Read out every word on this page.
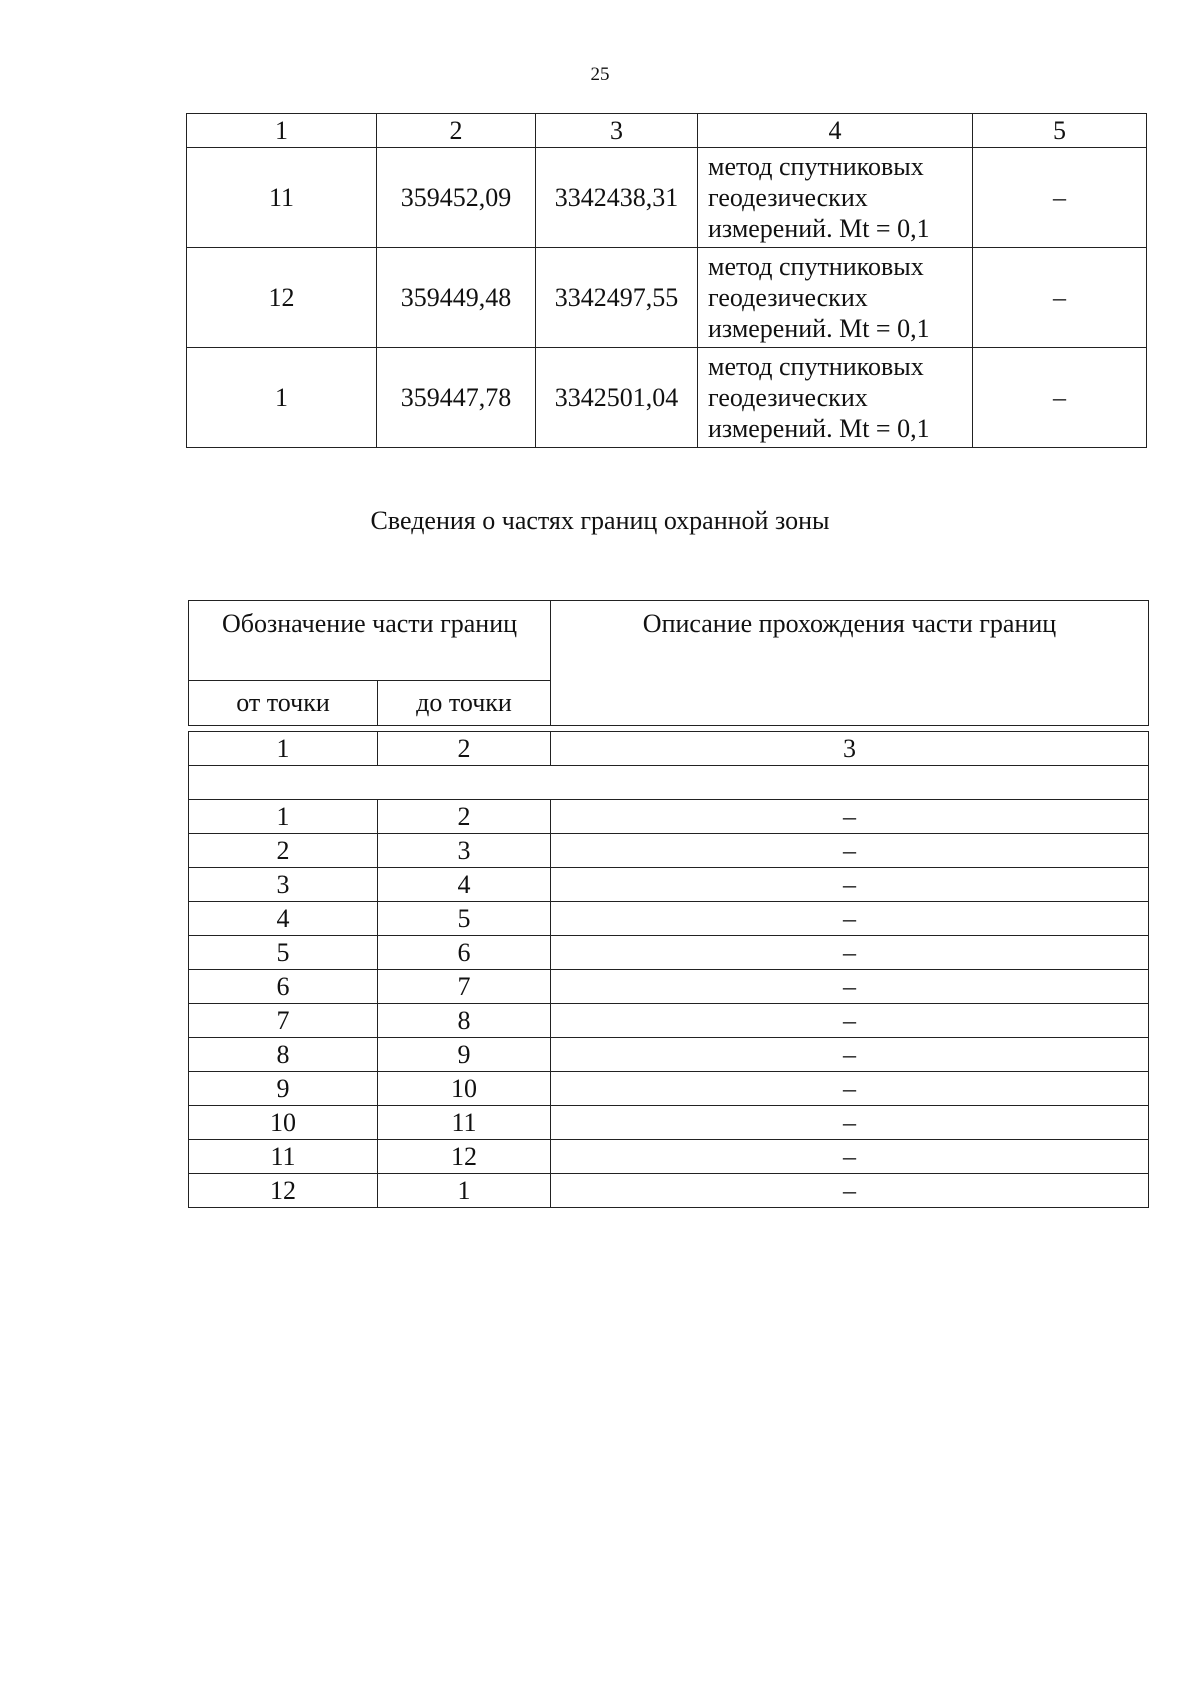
25
1	2	3	4	5
11	359452,09	3342438,31	метод спутниковых
геодезических
измерений. Mt = 0,1	–
12	359449,48	3342497,55	метод спутниковых
геодезических
измерений. Mt = 0,1	–
1	359447,78	3342501,04	метод спутниковых
геодезических
измерений. Mt = 0,1	–
Сведения о частях границ охранной зоны
Обозначение части границ		Описание прохождения части границ
от точки	до точки	

1	2	3

1	2	–
2	3	–
3	4	–
4	5	–
5	6	–
6	7	–
7	8	–
8	9	–
9	10	–
10	11	–
11	12	–
12	1	–
